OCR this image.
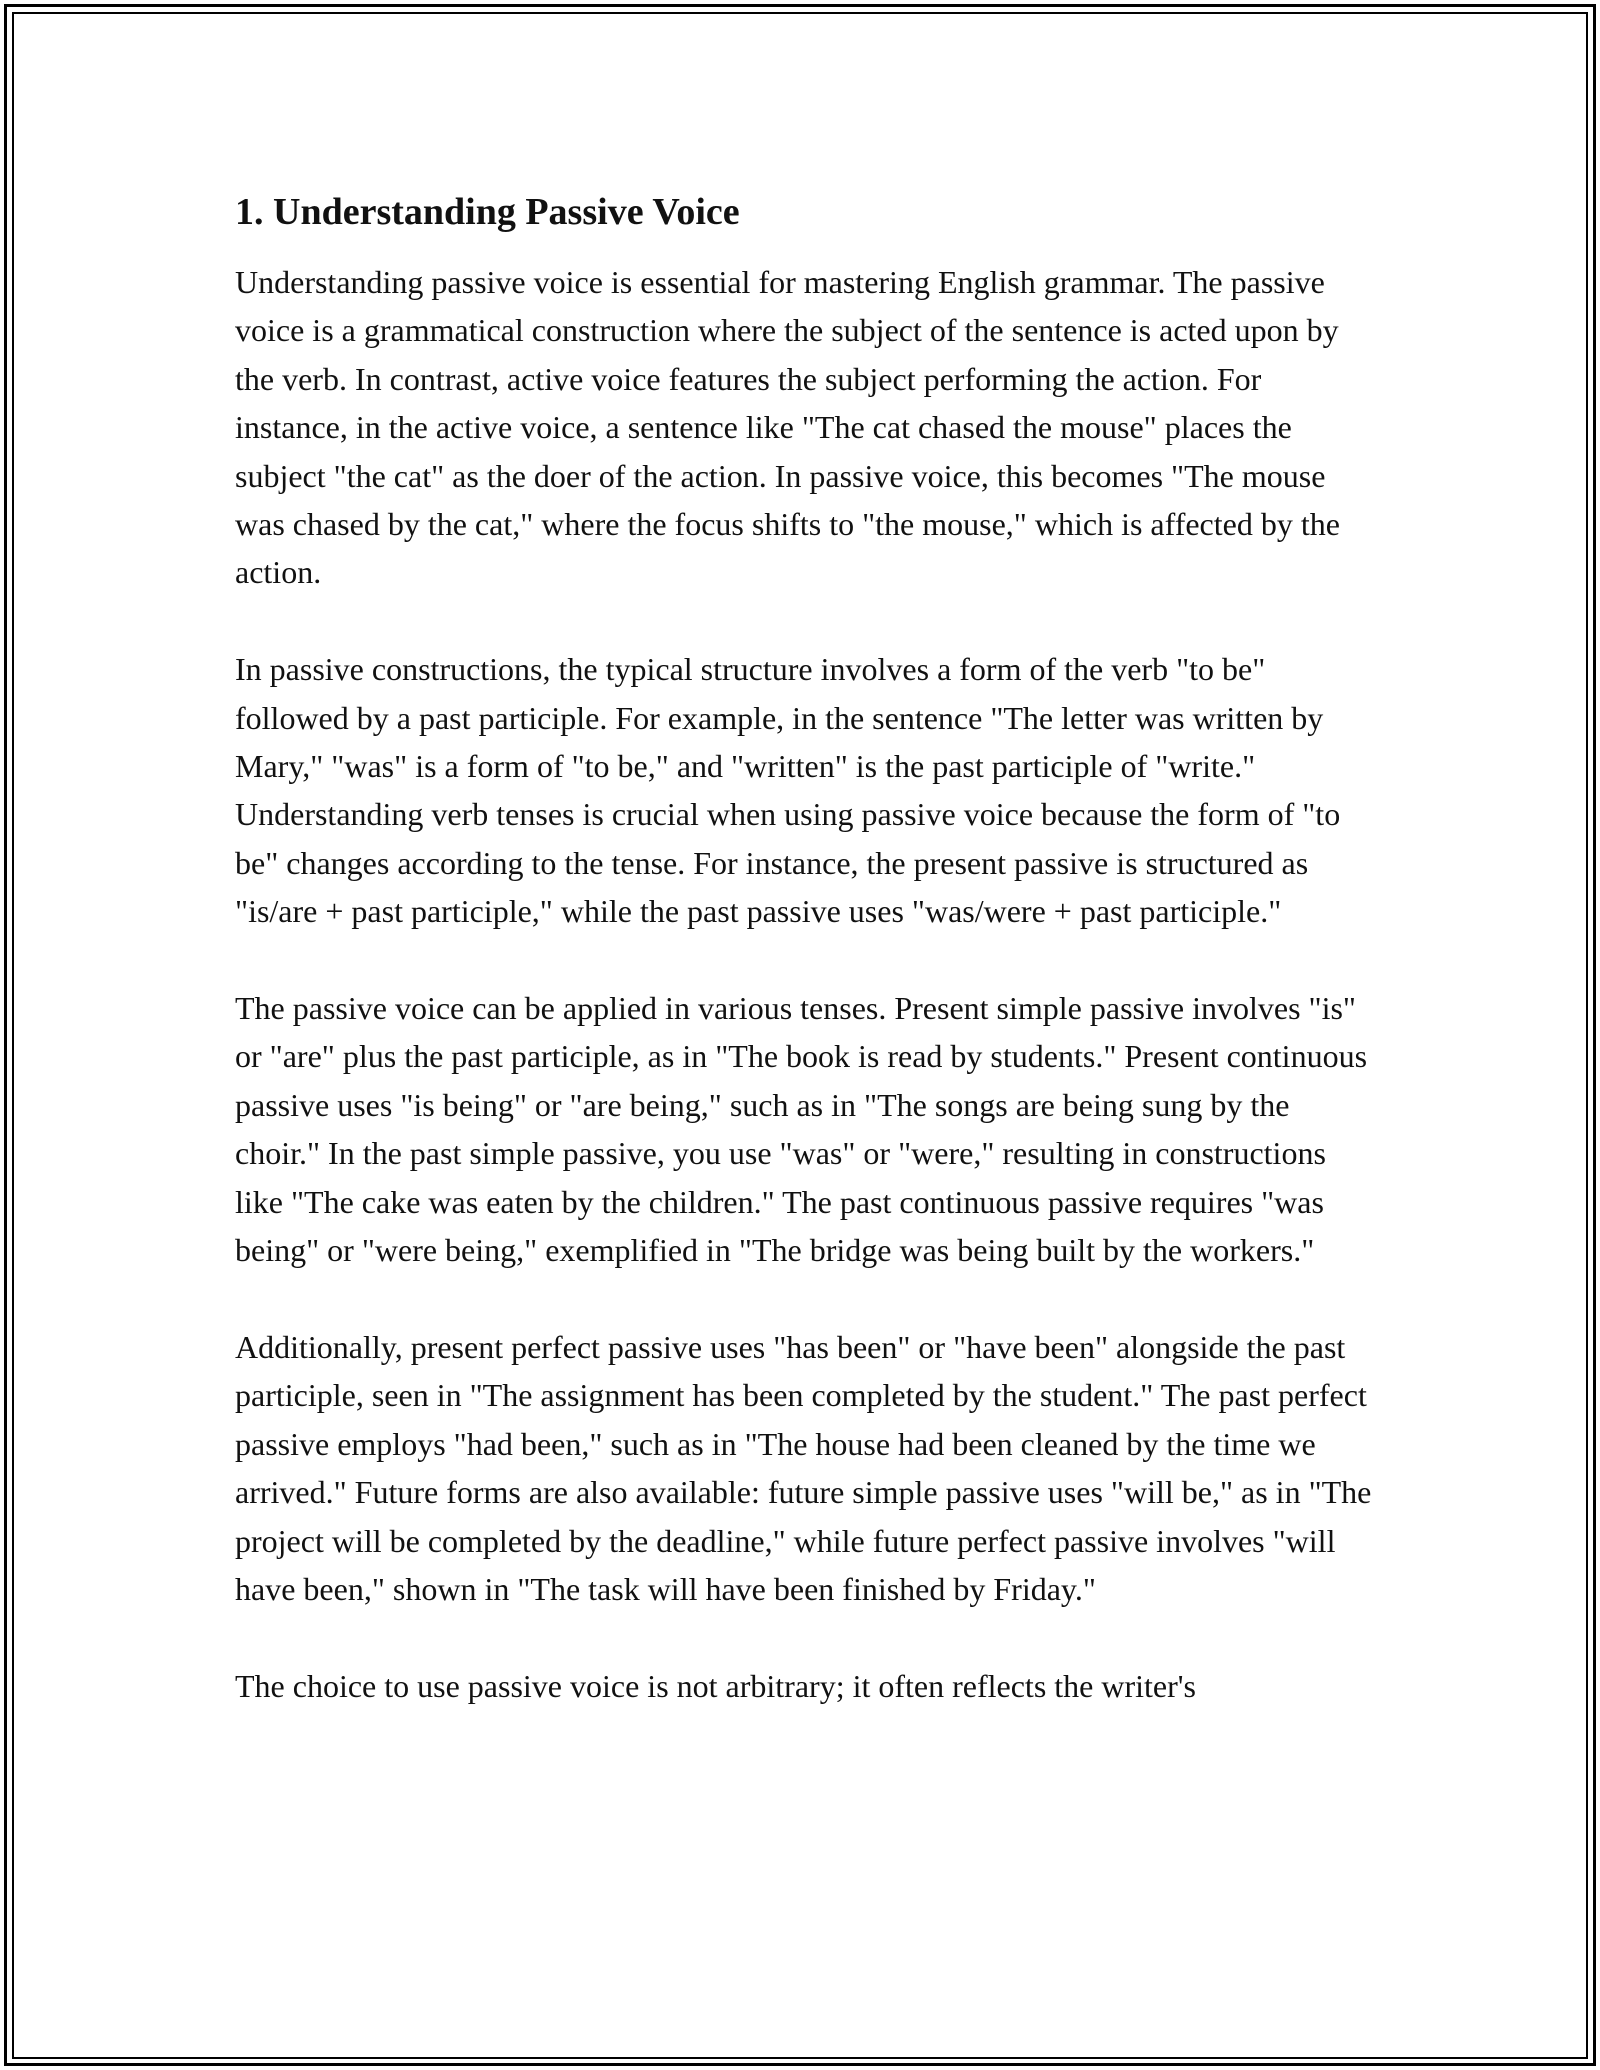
1. Understanding Passive Voice

Understanding passive voice is essential for mastering English grammar. The passive voice is a grammatical construction where the subject of the sentence is acted upon by the verb. In contrast, active voice features the subject performing the action. For instance, in the active voice, a sentence like "The cat chased the mouse" places the subject "the cat" as the doer of the action. In passive voice, this becomes "The mouse was chased by the cat," where the focus shifts to "the mouse," which is affected by the action.

In passive constructions, the typical structure involves a form of the verb "to be" followed by a past participle. For example, in the sentence "The letter was written by Mary," "was" is a form of "to be," and "written" is the past participle of "write." Understanding verb tenses is crucial when using passive voice because the form of "to be" changes according to the tense. For instance, the present passive is structured as "is/are + past participle," while the past passive uses "was/were + past participle."

The passive voice can be applied in various tenses. Present simple passive involves "is" or "are" plus the past participle, as in "The book is read by students." Present continuous passive uses "is being" or "are being," such as in "The songs are being sung by the choir." In the past simple passive, you use "was" or "were," resulting in constructions like "The cake was eaten by the children." The past continuous passive requires "was being" or "were being," exemplified in "The bridge was being built by the workers."

Additionally, present perfect passive uses "has been" or "have been" alongside the past participle, seen in "The assignment has been completed by the student." The past perfect passive employs "had been," such as in "The house had been cleaned by the time we arrived." Future forms are also available: future simple passive uses "will be," as in "The project will be completed by the deadline," while future perfect passive involves "will have been," shown in "The task will have been finished by Friday."

The choice to use passive voice is not arbitrary; it often reflects the writer's
